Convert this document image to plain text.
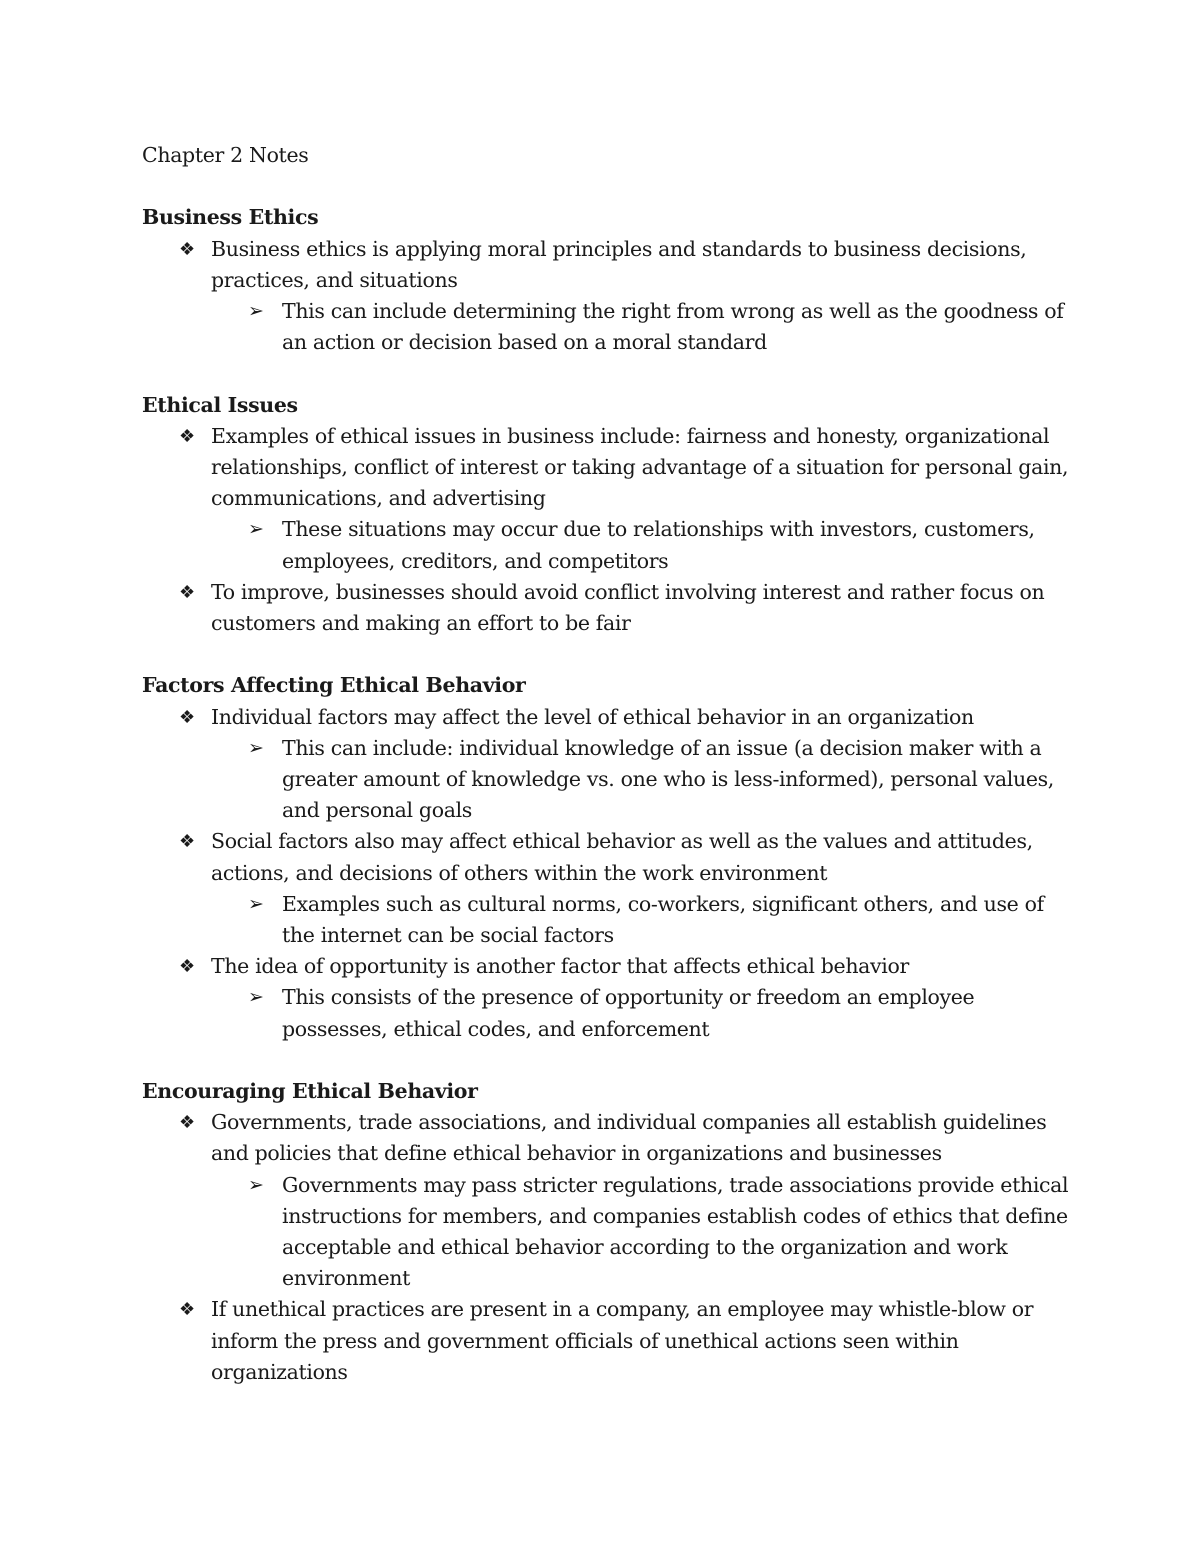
Chapter 2 Notes

Business Ethics
❖ Business ethics is applying moral principles and standards to business decisions, practices, and situations
➢ This can include determining the right from wrong as well as the goodness of an action or decision based on a moral standard
Ethical Issues
❖ Examples of ethical issues in business include: fairness and honesty, organizational relationships, conflict of interest or taking advantage of a situation for personal gain, communications, and advertising
➢ These situations may occur due to relationships with investors, customers, employees, creditors, and competitors
❖ To improve, businesses should avoid conflict involving interest and rather focus on customers and making an effort to be fair
Factors Affecting Ethical Behavior
❖ Individual factors may affect the level of ethical behavior in an organization
➢ This can include: individual knowledge of an issue (a decision maker with a greater amount of knowledge vs. one who is less-informed), personal values, and personal goals
❖ Social factors also may affect ethical behavior as well as the values and attitudes, actions, and decisions of others within the work environment
➢ Examples such as cultural norms, co-workers, significant others, and use of the internet can be social factors
❖ The idea of opportunity is another factor that affects ethical behavior
➢ This consists of the presence of opportunity or freedom an employee possesses, ethical codes, and enforcement
Encouraging Ethical Behavior
❖ Governments, trade associations, and individual companies all establish guidelines and policies that define ethical behavior in organizations and businesses
➢ Governments may pass stricter regulations, trade associations provide ethical instructions for members, and companies establish codes of ethics that define acceptable and ethical behavior according to the organization and work environment
❖ If unethical practices are present in a company, an employee may whistle-blow or inform the press and government officials of unethical actions seen within organizations
